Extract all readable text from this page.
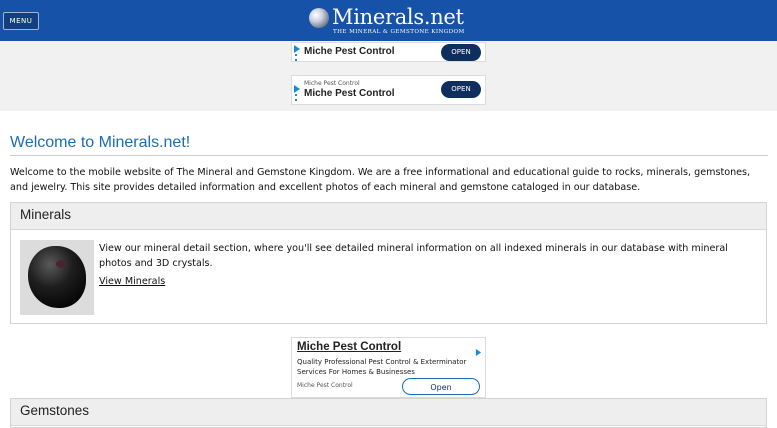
MENU	Minerals.net
THE MINERAL & GEMSTONE KINGDOM
Miche Pest Control	OPEN
Miche Pest Control
Miche Pest Control	OPEN
Welcome to Minerals.net!
Welcome to the mobile website of The Mineral and Gemstone Kingdom. We are a free informational and educational guide to rocks, minerals, gemstones, and jewelry. This site provides detailed information and excellent photos of each mineral and gemstone cataloged in our database.
Minerals
View our mineral detail section, where you'll see detailed mineral information on all indexed minerals in our database with mineral photos and 3D crystals.
View Minerals
Miche Pest Control
Quality Professional Pest Control & Exterminator Services For Homes & Businesses
Miche Pest Control	Open
Gemstones
